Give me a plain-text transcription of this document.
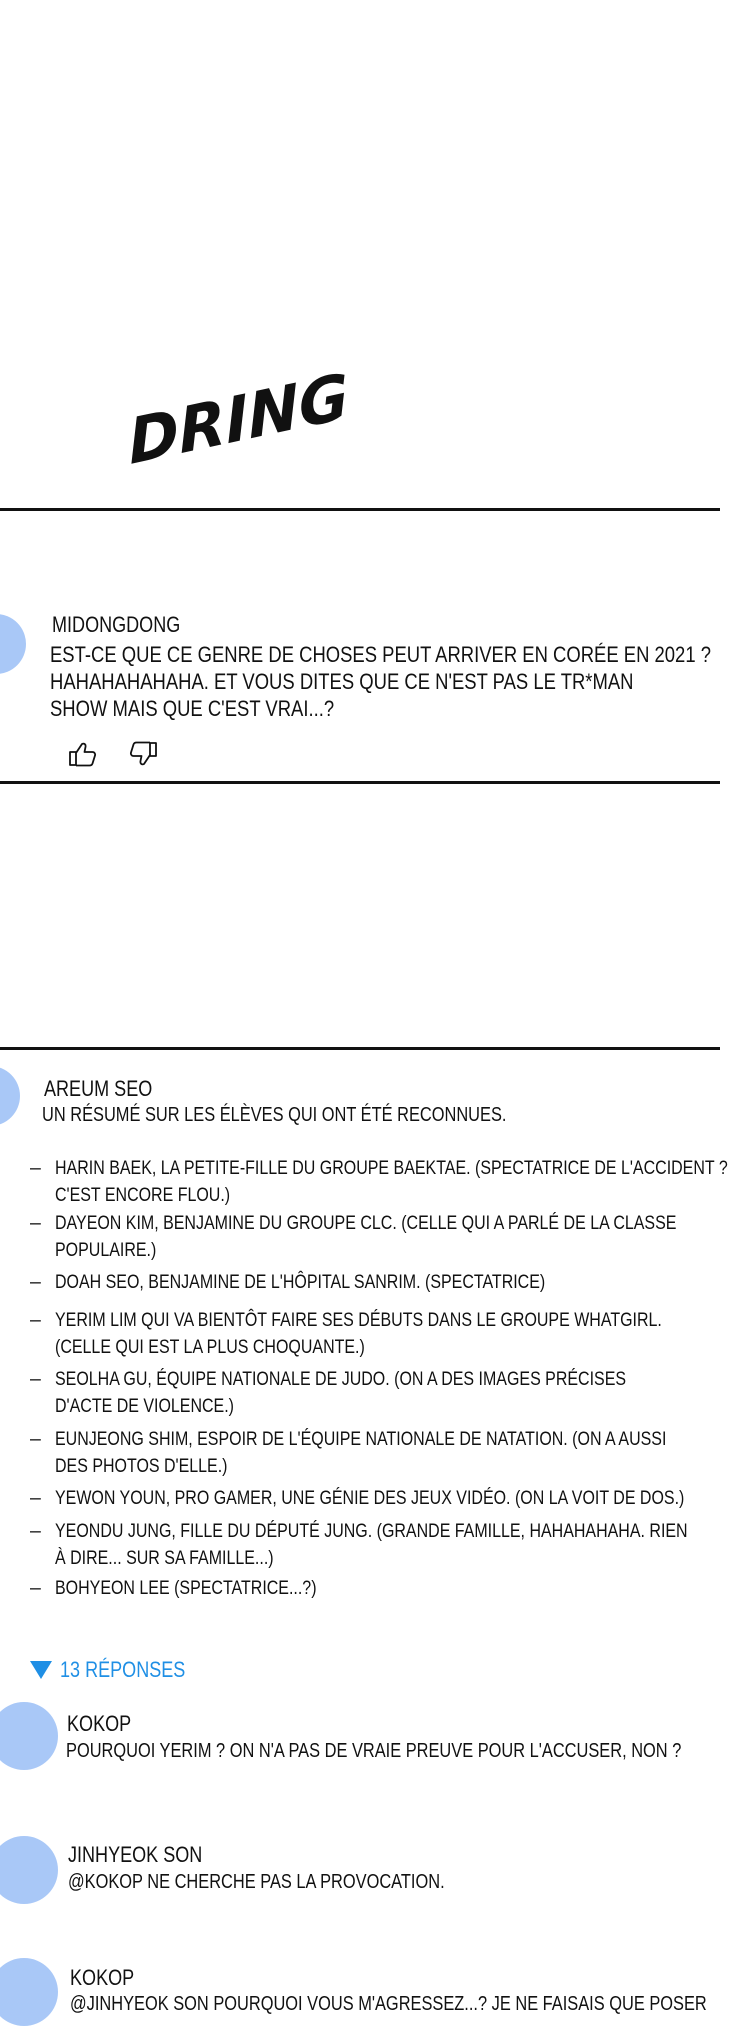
DRING
MIDONGDONG
EST-CE QUE CE GENRE DE CHOSES PEUT ARRIVER EN CORÉE EN 2021 ?
HAHAHAHAHAHA. ET VOUS DITES QUE CE N'EST PAS LE TR*MAN
SHOW MAIS QUE C'EST VRAI...?
AREUM SEO
UN RÉSUMÉ SUR LES ÉLÈVES QUI ONT ÉTÉ RECONNUES.
– HARIN BAEK, LA PETITE-FILLE DU GROUPE BAEKTAE. (SPECTATRICE DE L'ACCIDENT ?
C'EST ENCORE FLOU.)
– DAYEON KIM, BENJAMINE DU GROUPE CLC. (CELLE QUI A PARLÉ DE LA CLASSE
POPULAIRE.)
– DOAH SEO, BENJAMINE DE L'HÔPITAL SANRIM. (SPECTATRICE)
– YERIM LIM QUI VA BIENTÔT FAIRE SES DÉBUTS DANS LE GROUPE WHATGIRL.
(CELLE QUI EST LA PLUS CHOQUANTE.)
– SEOLHA GU, ÉQUIPE NATIONALE DE JUDO. (ON A DES IMAGES PRÉCISES
D'ACTE DE VIOLENCE.)
– EUNJEONG SHIM, ESPOIR DE L'ÉQUIPE NATIONALE DE NATATION. (ON A AUSSI
DES PHOTOS D'ELLE.)
– YEWON YOUN, PRO GAMER, UNE GÉNIE DES JEUX VIDÉO. (ON LA VOIT DE DOS.)
– YEONDU JUNG, FILLE DU DÉPUTÉ JUNG. (GRANDE FAMILLE, HAHAHAHAHA. RIEN
À DIRE... SUR SA FAMILLE...)
– BOHYEON LEE (SPECTATRICE...?)
13 RÉPONSES
KOKOP
POURQUOI YERIM ? ON N'A PAS DE VRAIE PREUVE POUR L'ACCUSER, NON ?
JINHYEOK SON
@KOKOP NE CHERCHE PAS LA PROVOCATION.
KOKOP
@JINHYEOK SON POURQUOI VOUS M'AGRESSEZ...? JE NE FAISAIS QUE POSER
